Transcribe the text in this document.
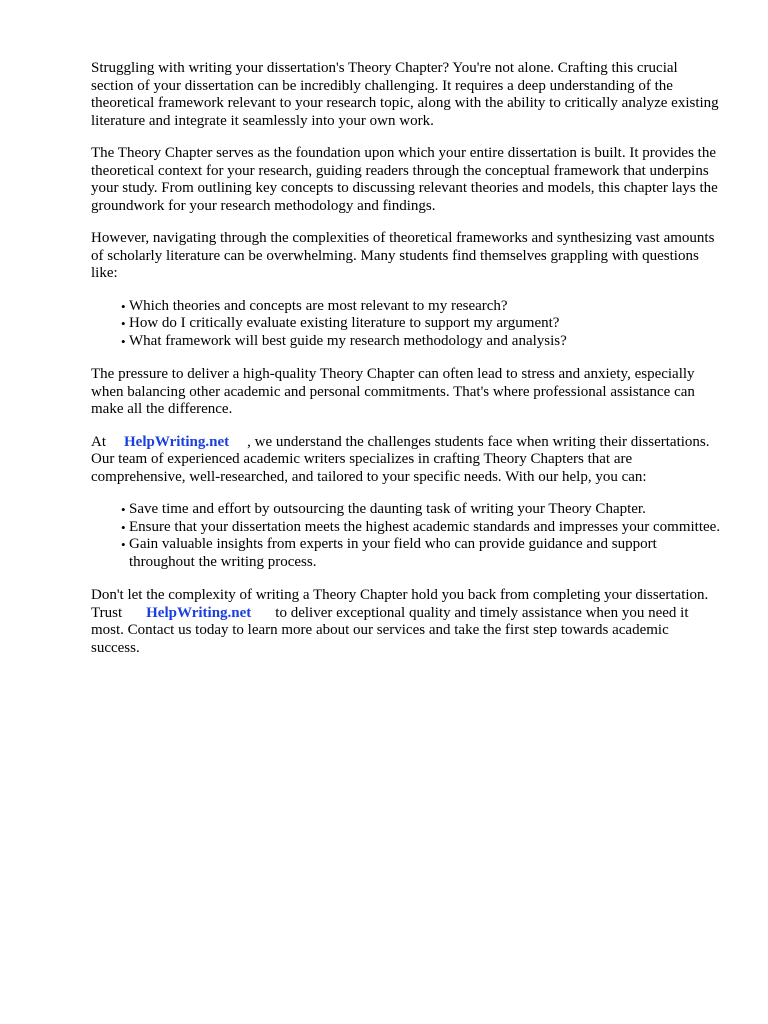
Struggling with writing your dissertation's Theory Chapter? You're not alone. Crafting this crucial section of your dissertation can be incredibly challenging. It requires a deep understanding of the theoretical framework relevant to your research topic, along with the ability to critically analyze existing literature and integrate it seamlessly into your own work.

The Theory Chapter serves as the foundation upon which your entire dissertation is built. It provides the theoretical context for your research, guiding readers through the conceptual framework that underpins your study. From outlining key concepts to discussing relevant theories and models, this chapter lays the groundwork for your research methodology and findings.

However, navigating through the complexities of theoretical frameworks and synthesizing vast amounts of scholarly literature can be overwhelming. Many students find themselves grappling with questions like:

• Which theories and concepts are most relevant to my research?
• How do I critically evaluate existing literature to support my argument?
• What framework will best guide my research methodology and analysis?

The pressure to deliver a high-quality Theory Chapter can often lead to stress and anxiety, especially when balancing other academic and personal commitments. That's where professional assistance can make all the difference.

At HelpWriting.net , we understand the challenges students face when writing their dissertations. Our team of experienced academic writers specializes in crafting Theory Chapters that are comprehensive, well-researched, and tailored to your specific needs. With our help, you can:

• Save time and effort by outsourcing the daunting task of writing your Theory Chapter.
• Ensure that your dissertation meets the highest academic standards and impresses your committee.
• Gain valuable insights from experts in your field who can provide guidance and support throughout the writing process.

Don't let the complexity of writing a Theory Chapter hold you back from completing your dissertation. Trust HelpWriting.net to deliver exceptional quality and timely assistance when you need it most. Contact us today to learn more about our services and take the first step towards academic success.
